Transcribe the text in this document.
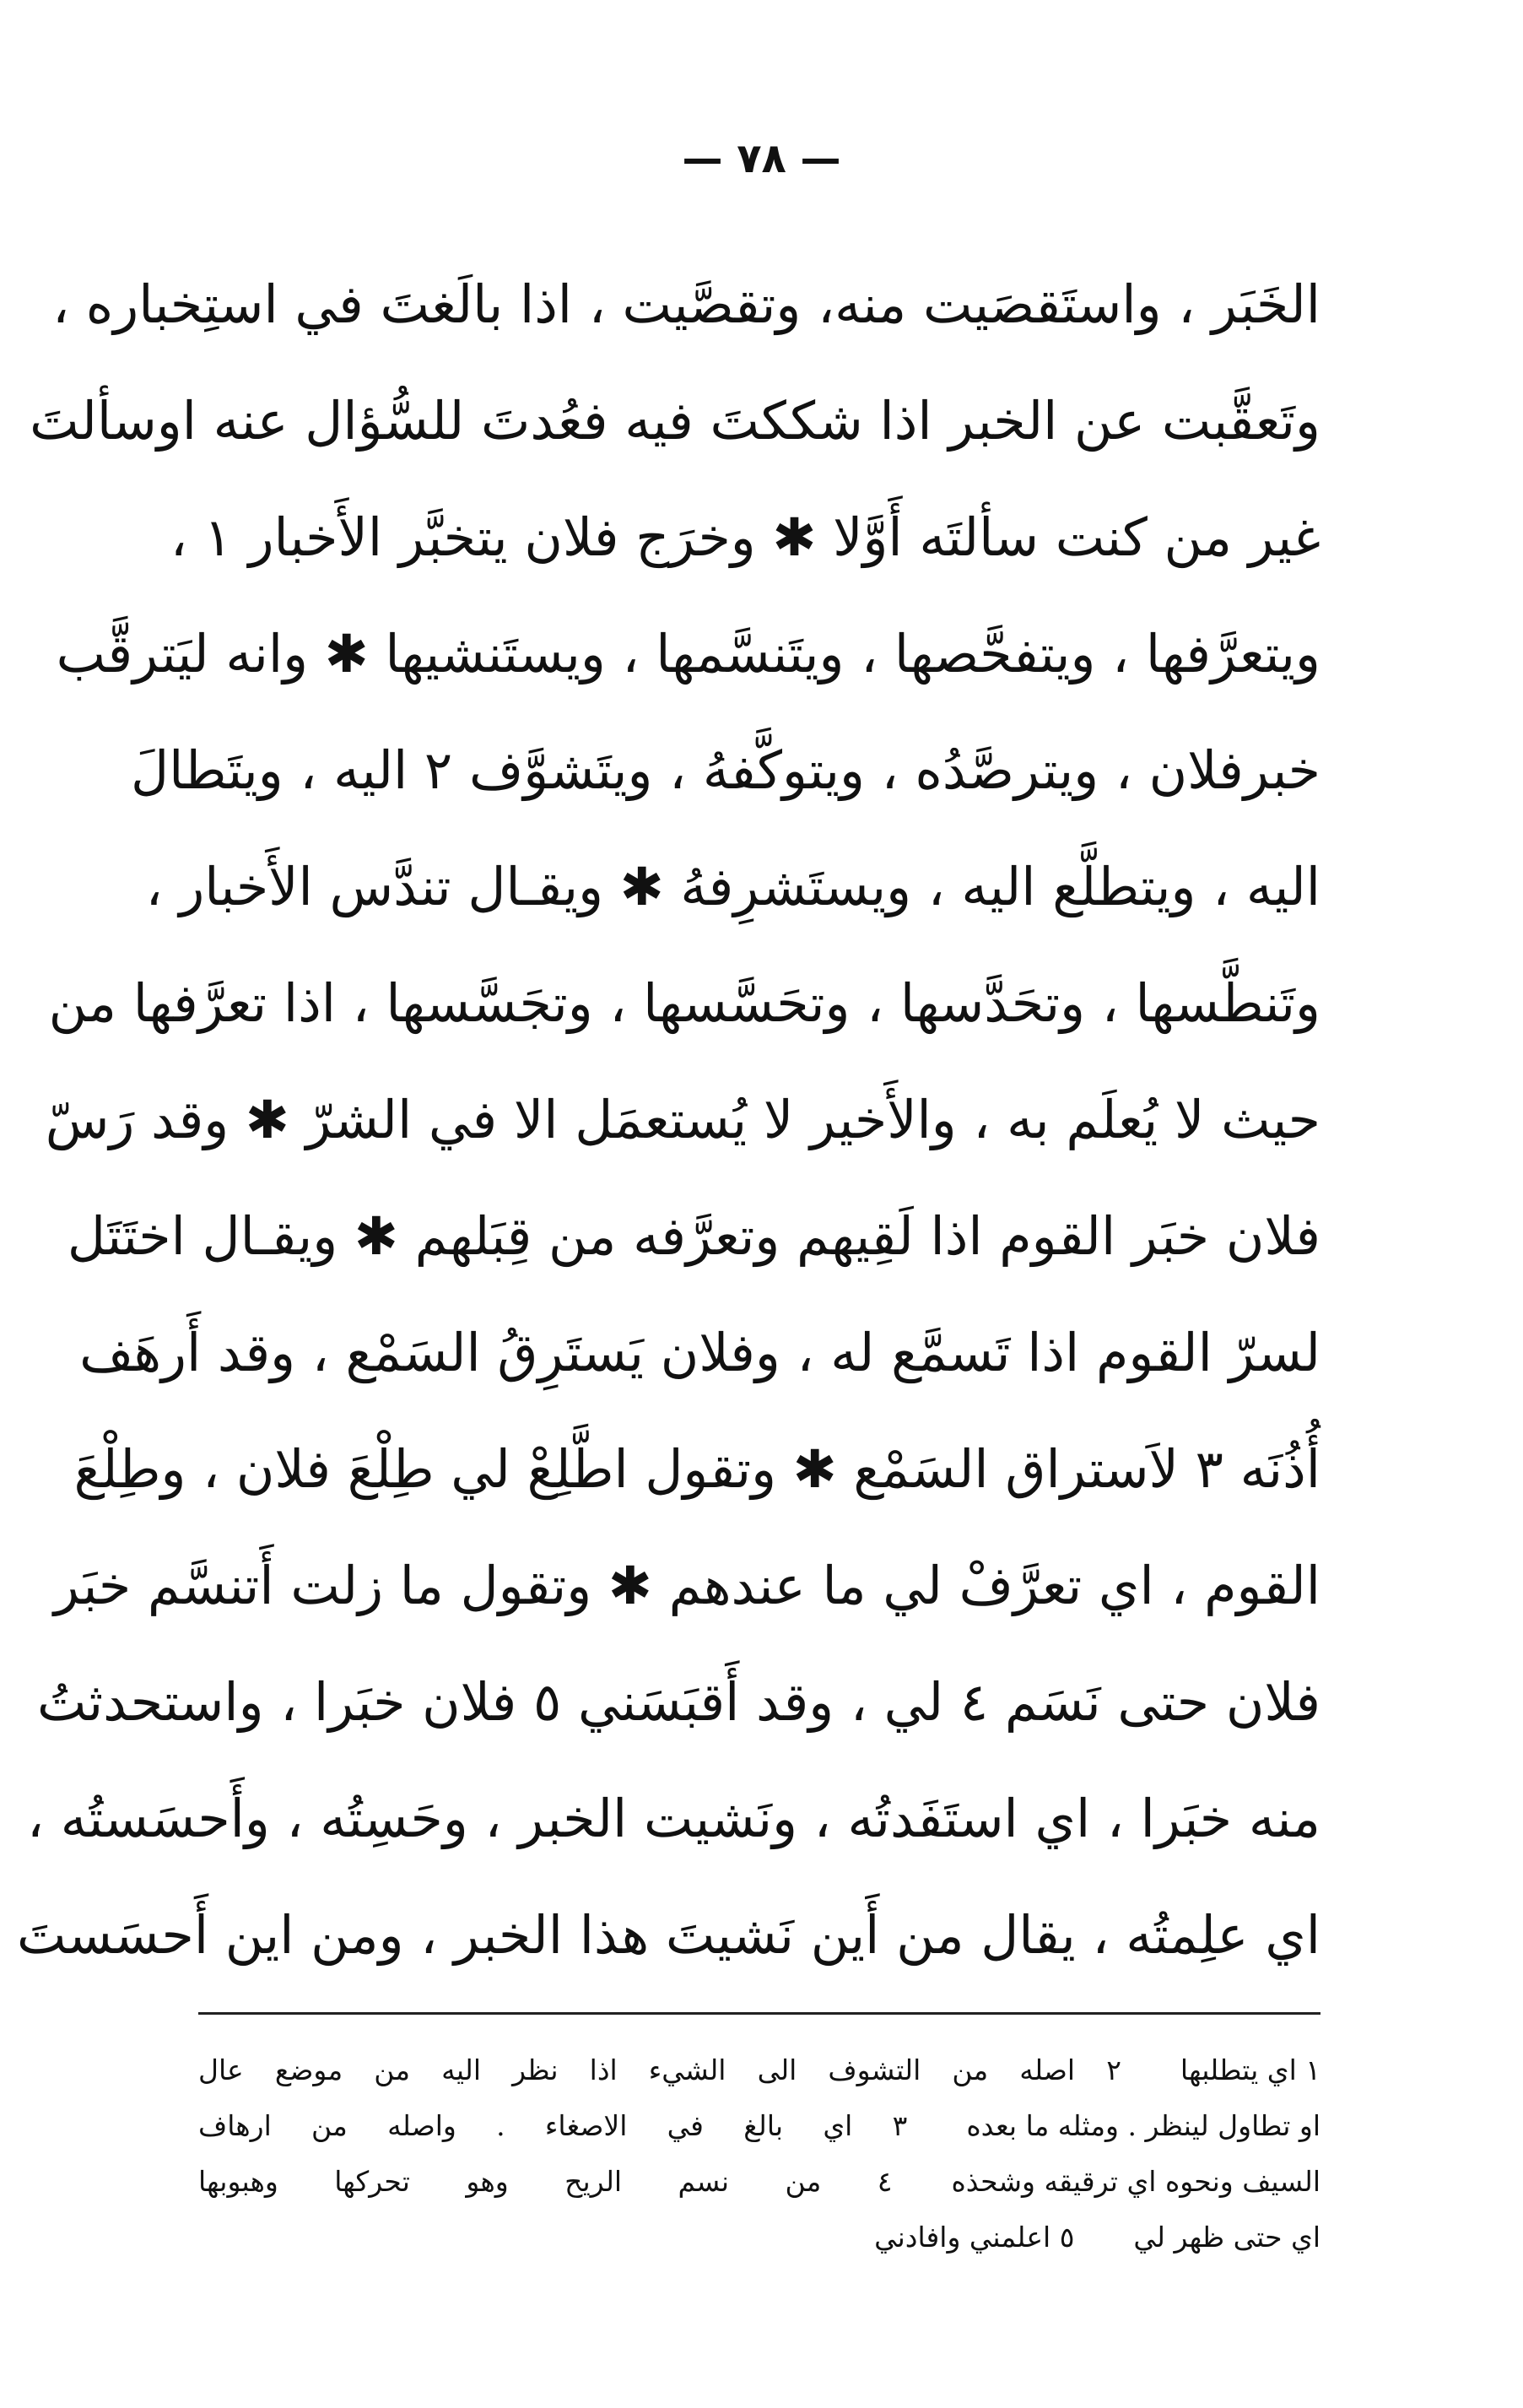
— ٧٨ —
الخَبَر ، واستَقصَيت منه، وتقصَّيت ، اذا بالَغتَ في استِخباره ،
وتَعقَّبت عن الخبر اذا شككتَ فيه فعُدتَ للسُّؤال عنه اوسألتَ
غير من كنت سألتَه أَوَّلا ✱ وخرَج فلان يتخبَّر الأَخبار ١ ،
ويتعرَّفها ، ويتفحَّصها ، ويتَنسَّمها ، ويستَنشيها ✱ وانه ليَترقَّب
خبرفلان ، ويترصَّدُه ، ويتوكَّفهُ ، ويتَشوَّف ٢ اليه ، ويتَطالَ
اليه ، ويتطلَّع اليه ، ويستَشرِفهُ ✱ ويقـال تندَّس الأَخبار ،
وتَنطَّسها ، وتحَدَّسها ، وتحَسَّسها ، وتجَسَّسها ، اذا تعرَّفها من
حيث لا يُعلَم به ، والأَخير لا يُستعمَل الا في الشرّ ✱ وقد رَسّ
فلان خبَر القوم اذا لَقِيهم وتعرَّفه من قِبَلهم ✱ ويقـال اختَتَل
لسرّ القوم اذا تَسمَّع له ، وفلان يَستَرِقُ السَمْع ، وقد أَرهَف
أُذُنَه ٣ لاَستراق السَمْع ✱ وتقول اطَّلِعْ لي طِلْعَ فلان ، وطِلْعَ
القوم ، اي تعرَّفْ لي ما عندهم ✱ وتقول ما زلت أَتنسَّم خبَر
فلان حتى نَسَم ٤ لي ، وقد أَقبَسَني ٥ فلان خبَرا ، واستحدثتُ
منه خبَرا ، اي استَفَدتُه ، ونَشيت الخبر ، وحَسِتُه ، وأَحسَستُه ،
اي علِمتُه ، يقال من أَين نَشيتَ هذا الخبر ، ومن اين أَحسَستَ
١ اي يتطلبها
٢ اصله من التشوف الى الشيء اذا نظر اليه من موضع عال
او تطاول لينظر . ومثله ما بعده
٣ اي بالغ في الاصغاء . واصله من ارهاف
السيف ونحوه اي ترقيقه وشحذه
٤ من نسم الريح وهو تحركها وهبوبها
اي حتى ظهر لي
٥ اعلمني وافادني
